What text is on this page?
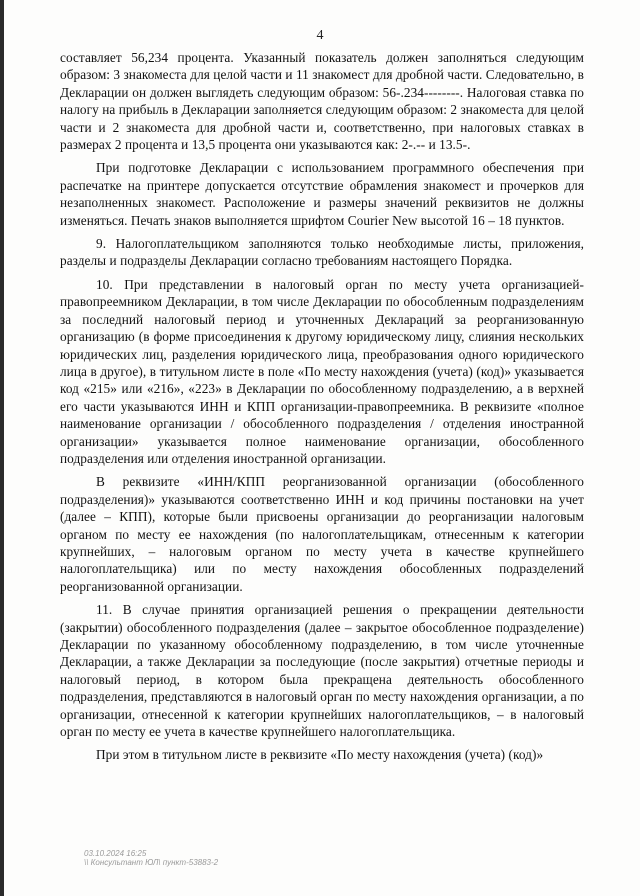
4

составляет 56,234 процента. Указанный показатель должен заполняться следующим образом: 3 знакоместа для целой части и 11 знакомест для дробной части. Следовательно, в Декларации он должен выглядеть следующим образом: 56-.234--------. Налоговая ставка по налогу на прибыль в Декларации заполняется следующим образом: 2 знакоместа для целой части и 2 знакоместа для дробной части и, соответственно, при налоговых ставках в размерах 2 процента и 13,5 процента они указываются как: 2-.-- и 13.5-.

При подготовке Декларации с использованием программного обеспечения при распечатке на принтере допускается отсутствие обрамления знакомест и прочерков для незаполненных знакомест. Расположение и размеры значений реквизитов не должны изменяться. Печать знаков выполняется шрифтом Courier New высотой 16 – 18 пунктов.

9. Налогоплательщиком заполняются только необходимые листы, приложения, разделы и подразделы Декларации согласно требованиям настоящего Порядка.

10. При представлении в налоговый орган по месту учета организацией-правопреемником Декларации, в том числе Декларации по обособленным подразделениям за последний налоговый период и уточненных Деклараций за реорганизованную организацию (в форме присоединения к другому юридическому лицу, слияния нескольких юридических лиц, разделения юридического лица, преобразования одного юридического лица в другое), в титульном листе в поле «По месту нахождения (учета) (код)» указывается код «215» или «216», «223» в Декларации по обособленному подразделению, а в верхней его части указываются ИНН и КПП организации-правопреемника. В реквизите «полное наименование организации / обособленного подразделения / отделения иностранной организации» указывается полное наименование организации, обособленного подразделения или отделения иностранной организации.

В реквизите «ИНН/КПП реорганизованной организации (обособленного подразделения)» указываются соответственно ИНН и код причины постановки на учет (далее – КПП), которые были присвоены организации до реорганизации налоговым органом по месту ее нахождения (по налогоплательщикам, отнесенным к категории крупнейших, – налоговым органом по месту учета в качестве крупнейшего налогоплательщика) или по месту нахождения обособленных подразделений реорганизованной организации.

11. В случае принятия организацией решения о прекращении деятельности (закрытии) обособленного подразделения (далее – закрытое обособленное подразделение) Декларации по указанному обособленному подразделению, в том числе уточненные Декларации, а также Декларации за последующие (после закрытия) отчетные периоды и налоговый период, в котором была прекращена деятельность обособленного подразделения, представляются в налоговый орган по месту нахождения организации, а по организации, отнесенной к категории крупнейших налогоплательщиков, – в налоговый орган по месту ее учета в качестве крупнейшего налогоплательщика.

При этом в титульном листе в реквизите «По месту нахождения (учета) (код)»

03.10.2024 16:25
\\ Консультант ЮЛ\ пункт-53883-2
